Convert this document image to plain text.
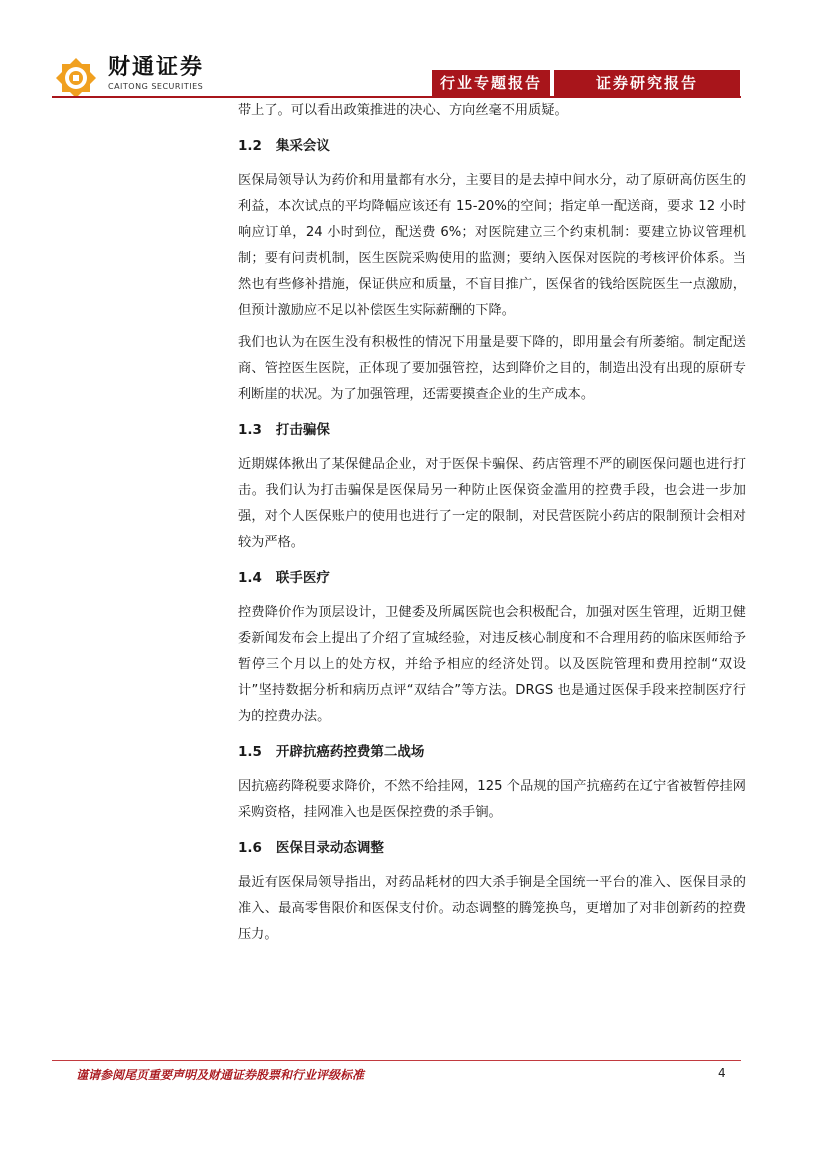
财通证券
CAITONG SECURITIES	行业专题报告	证券研究报告

带上了。可以看出政策推进的决心、方向丝毫不用质疑。

1.2 集采会议

医保局领导认为药价和用量都有水分，主要目的是去掉中间水分，动了原研高仿医生的利益，本次试点的平均降幅应该还有 15-20%的空间；指定单一配送商，要求 12 小时响应订单，24 小时到位，配送费 6%；对医院建立三个约束机制：要建立协议管理机制；要有问责机制，医生医院采购使用的监测；要纳入医保对医院的考核评价体系。当然也有些修补措施，保证供应和质量，不盲目推广，医保省的钱给医院医生一点激励，但预计激励应不足以补偿医生实际薪酬的下降。

我们也认为在医生没有积极性的情况下用量是要下降的，即用量会有所萎缩。制定配送商、管控医生医院，正体现了要加强管控，达到降价之目的，制造出没有出现的原研专利断崖的状况。为了加强管理，还需要摸查企业的生产成本。

1.3 打击骗保

近期媒体揪出了某保健品企业，对于医保卡骗保、药店管理不严的刷医保问题也进行打击。我们认为打击骗保是医保局另一种防止医保资金滥用的控费手段，也会进一步加强，对个人医保账户的使用也进行了一定的限制，对民营医院小药店的限制预计会相对较为严格。

1.4 联手医疗

控费降价作为顶层设计，卫健委及所属医院也会积极配合，加强对医生管理，近期卫健委新闻发布会上提出了介绍了宣城经验，对违反核心制度和不合理用药的临床医师给予暂停三个月以上的处方权，并给予相应的经济处罚。以及医院管理和费用控制“双设计”坚持数据分析和病历点评“双结合”等方法。DRGS 也是通过医保手段来控制医疗行为的控费办法。

1.5 开辟抗癌药控费第二战场

因抗癌药降税要求降价，不然不给挂网，125 个品规的国产抗癌药在辽宁省被暂停挂网采购资格，挂网准入也是医保控费的杀手锏。

1.6 医保目录动态调整

最近有医保局领导指出，对药品耗材的四大杀手锏是全国统一平台的准入、医保目录的准入、最高零售限价和医保支付价。动态调整的腾笼换鸟，更增加了对非创新药的控费压力。

谨请参阅尾页重要声明及财通证券股票和行业评级标准	4
